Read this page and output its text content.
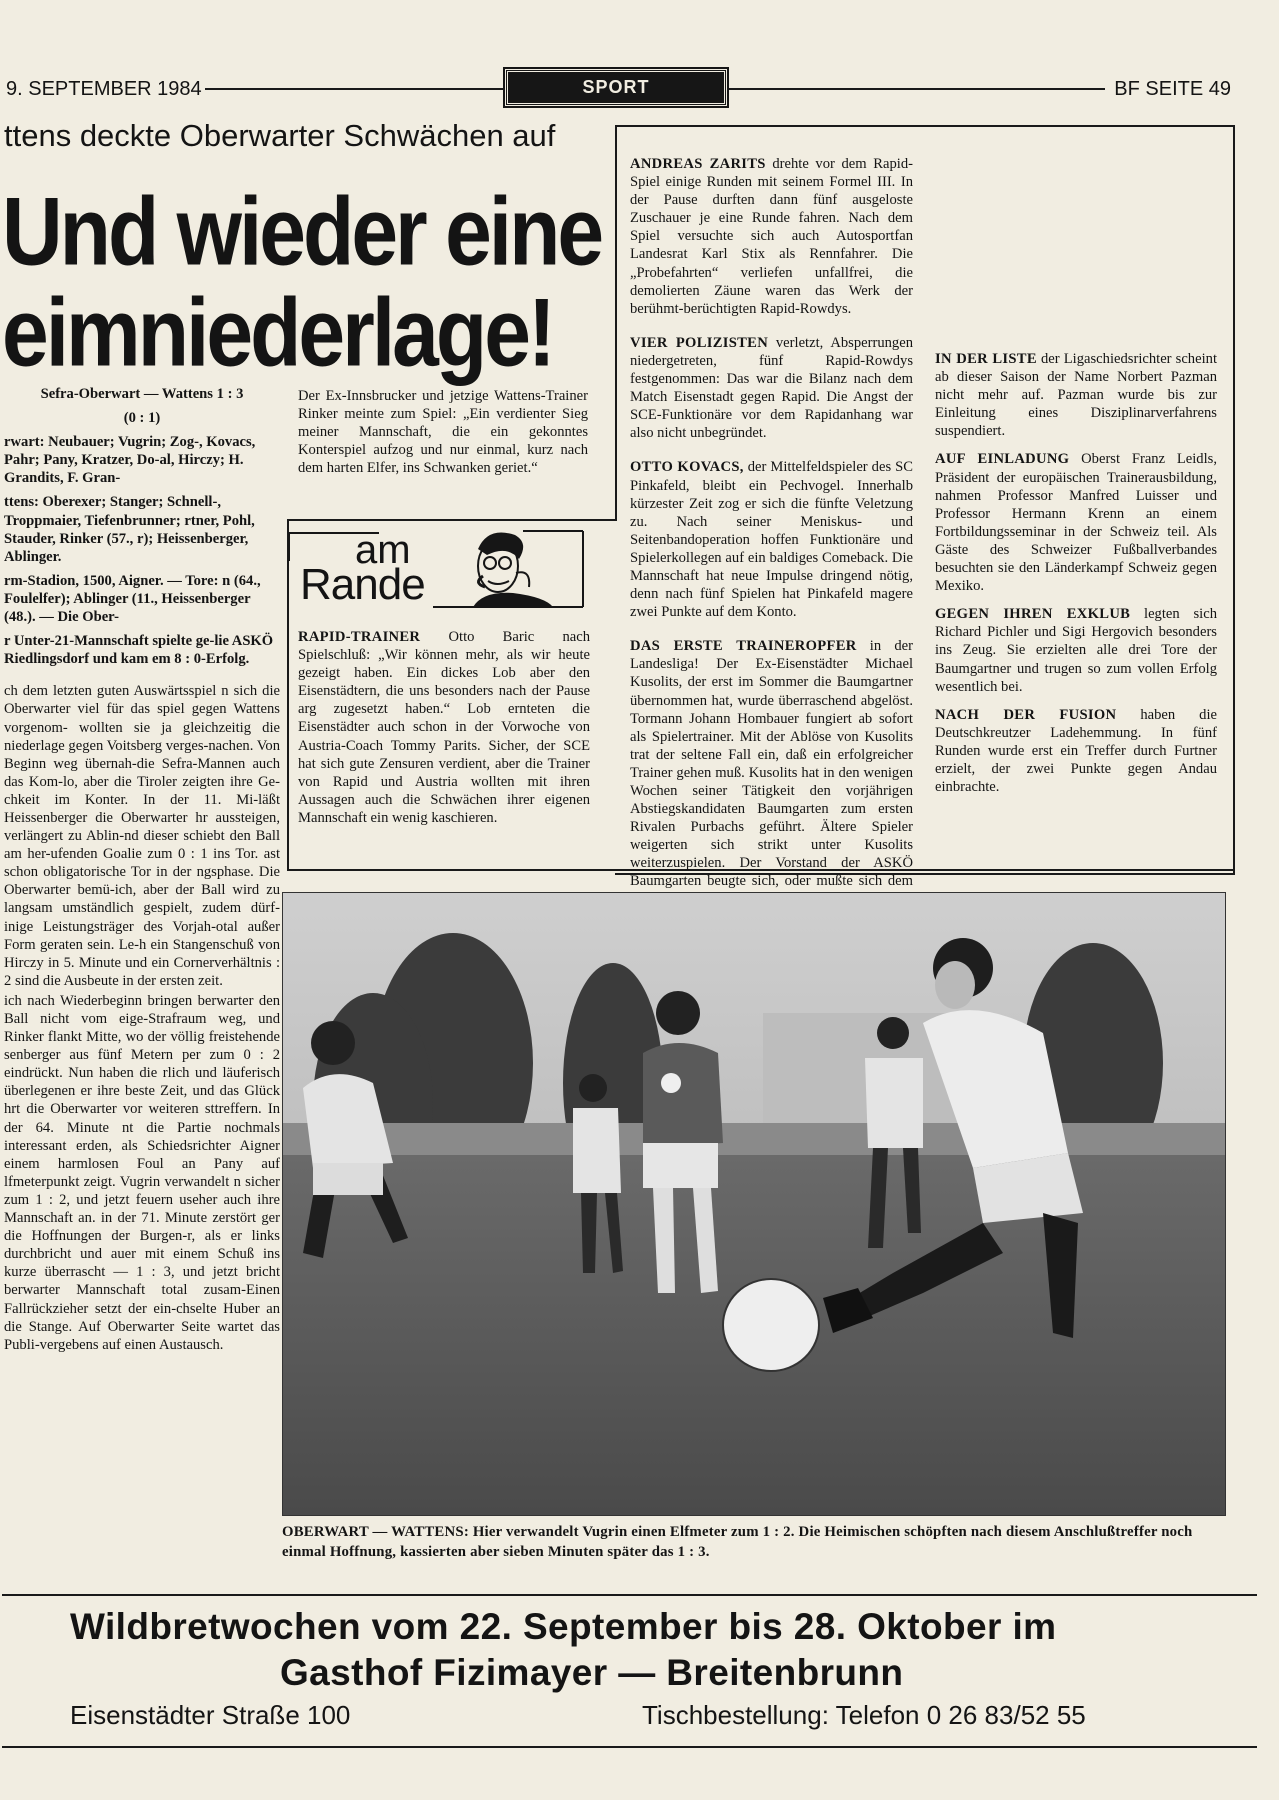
9. SEPTEMBER 1984	SPORT	BF SEITE 49
ttens deckte Oberwarter Schwächen auf
Und wieder eine
eimniederlage!
Sefra-Oberwart — Wattens 1 : 3
(0 : 1)
rwart: Neubauer; Vugrin; Zog-, Kovacs, Pahr; Pany, Kratzer, Do-al, Hirczy; H. Grandits, F. Gran-
ttens: Oberexer; Stanger; Schnell-, Troppmaier, Tiefenbrunner; rtner, Pohl, Stauder, Rinker (57., r); Heissenberger, Ablinger.
rm-Stadion, 1500, Aigner. — Tore: n (64., Foulelfer); Ablinger (11., Heissenberger (48.). — Die Ober-
r Unter-21-Mannschaft spielte ge-lie ASKÖ Riedlingsdorf und kam em 8 : 0-Erfolg.

ch dem letzten guten Auswärtsspiel n sich die Oberwarter viel für das spiel gegen Wattens vorgenom- wollten sie ja gleichzeitig die niederlage gegen Voitsberg verges-nachen. Von Beginn weg übernah-die Sefra-Mannen auch das Kom-lo, aber die Tiroler zeigten ihre Ge-chkeit im Konter. In der 11. Mi-läßt Heissenberger die Oberwarter hr aussteigen, verlängert zu Ablin-nd dieser schiebt den Ball am her-ufenden Goalie zum 0 : 1 ins Tor. ast schon obligatorische Tor in der ngsphase. Die Oberwarter bemü-ich, aber der Ball wird zu langsam umständlich gespielt, zudem dürf-inige Leistungsträger des Vorjah-otal außer Form geraten sein. Le-h ein Stangenschuß von Hirczy in 5. Minute und ein Cornerverhältnis : 2 sind die Ausbeute in der ersten zeit.

ich nach Wiederbeginn bringen berwarter den Ball nicht vom eige-Strafraum weg, und Rinker flankt Mitte, wo der völlig freistehende senberger aus fünf Metern per zum 0 : 2 eindrückt. Nun haben die rlich und läuferisch überlegenen er ihre beste Zeit, und das Glück hrt die Oberwarter vor weiteren sttreffern. In der 64. Minute nt die Partie nochmals interessant erden, als Schiedsrichter Aigner einem harmlosen Foul an Pany auf lfmeterpunkt zeigt. Vugrin verwandelt n sicher zum 1 : 2, und jetzt feuern useher auch ihre Mannschaft an. in der 71. Minute zerstört ger die Hoffnungen der Burgen-r, als er links durchbricht und auer mit einem Schuß ins kurze überrascht — 1 : 3, und jetzt bricht berwarter Mannschaft total zusam-Einen Fallrückzieher setzt der ein-chselte Huber an die Stange. Auf Oberwarter Seite wartet das Publi-vergebens auf einen Austausch.

Der Ex-Innsbrucker und jetzige Wattens-Trainer Rinker meinte zum Spiel: „Ein verdienter Sieg meiner Mannschaft, die ein gekonntes Konterspiel aufzog und nur einmal, kurz nach dem harten Elfer, ins Schwanken geriet.“
am
Rande

RAPID-TRAINER Otto Baric nach Spielschluß: „Wir können mehr, als wir heute gezeigt haben. Ein dickes Lob aber den Eisenstädtern, die uns besonders nach der Pause arg zugesetzt haben.“ Lob ernteten die Eisenstädter auch schon in der Vorwoche von Austria-Coach Tommy Parits. Sicher, der SCE hat sich gute Zensuren verdient, aber die Trainer von Rapid und Austria wollten mit ihren Aussagen auch die Schwächen ihrer eigenen Mannschaft ein wenig kaschieren.

ANDREAS ZARITS drehte vor dem Rapid-Spiel einige Runden mit seinem Formel III. In der Pause durften dann fünf ausgeloste Zuschauer je eine Runde fahren. Nach dem Spiel versuchte sich auch Autosportfan Landesrat Karl Stix als Rennfahrer. Die „Probefahrten“ verliefen unfallfrei, die demolierten Zäune waren das Werk der berühmt-berüchtigten Rapid-Rowdys.

VIER POLIZISTEN verletzt, Absperrungen niedergetreten, fünf Rapid-Rowdys festgenommen: Das war die Bilanz nach dem Match Eisenstadt gegen Rapid. Die Angst der SCE-Funktionäre vor dem Rapidanhang war also nicht unbegründet.

OTTO KOVACS, der Mittelfeldspieler des SC Pinkafeld, bleibt ein Pechvogel. Innerhalb kürzester Zeit zog er sich die fünfte Veletzung zu. Nach seiner Meniskus- und Seitenbandoperation hoffen Funktionäre und Spielerkollegen auf ein baldiges Comeback. Die Mannschaft hat neue Impulse dringend nötig, denn nach fünf Spielen hat Pinkafeld magere zwei Punkte auf dem Konto.

DAS ERSTE TRAINEROPFER in der Landesliga! Der Ex-Eisenstädter Michael Kusolits, der erst im Sommer die Baumgartner übernommen hat, wurde überraschend abgelöst. Tormann Johann Hombauer fungiert ab sofort als Spielertrainer. Mit der Ablöse von Kusolits trat der seltene Fall ein, daß ein erfolgreicher Trainer gehen muß. Kusolits hat in den wenigen Wochen seiner Tätigkeit den vorjährigen Abstiegskandidaten Baumgarten zum ersten Rivalen Purbachs geführt. Ältere Spieler weigerten sich strikt unter Kusolits weiterzuspielen. Der Vorstand der ASKÖ Baumgarten beugte sich, oder mußte sich dem

IN DER LISTE der Ligaschiedsrichter scheint ab dieser Saison der Name Norbert Pazman nicht mehr auf. Pazman wurde bis zur Einleitung eines Disziplinarverfahrens suspendiert.

AUF EINLADUNG Oberst Franz Leidls, Präsident der europäischen Trainerausbildung, nahmen Professor Manfred Luisser und Professor Hermann Krenn an einem Fortbildungsseminar in der Schweiz teil. Als Gäste des Schweizer Fußballverbandes besuchten sie den Länderkampf Schweiz gegen Mexiko.

GEGEN IHREN EXKLUB legten sich Richard Pichler und Sigi Hergovich besonders ins Zeug. Sie erzielten alle drei Tore der Baumgartner und trugen so zum vollen Erfolg wesentlich bei.

NACH DER FUSION haben die Deutschkreutzer Ladehemmung. In fünf Runden wurde erst ein Treffer durch Furtner erzielt, der zwei Punkte gegen Andau einbrachte.

OBERWART — WATTENS: Hier verwandelt Vugrin einen Elfmeter zum 1 : 2. Die Heimischen schöpften nach diesem Anschlußtreffer noch einmal Hoffnung, kassierten aber sieben Minuten später das 1 : 3.
Wildbretwochen vom 22. September bis 28. Oktober im
Gasthof Fizimayer — Breitenbrunn
Eisenstädter Straße 100	Tischbestellung: Telefon 0 26 83/52 55
